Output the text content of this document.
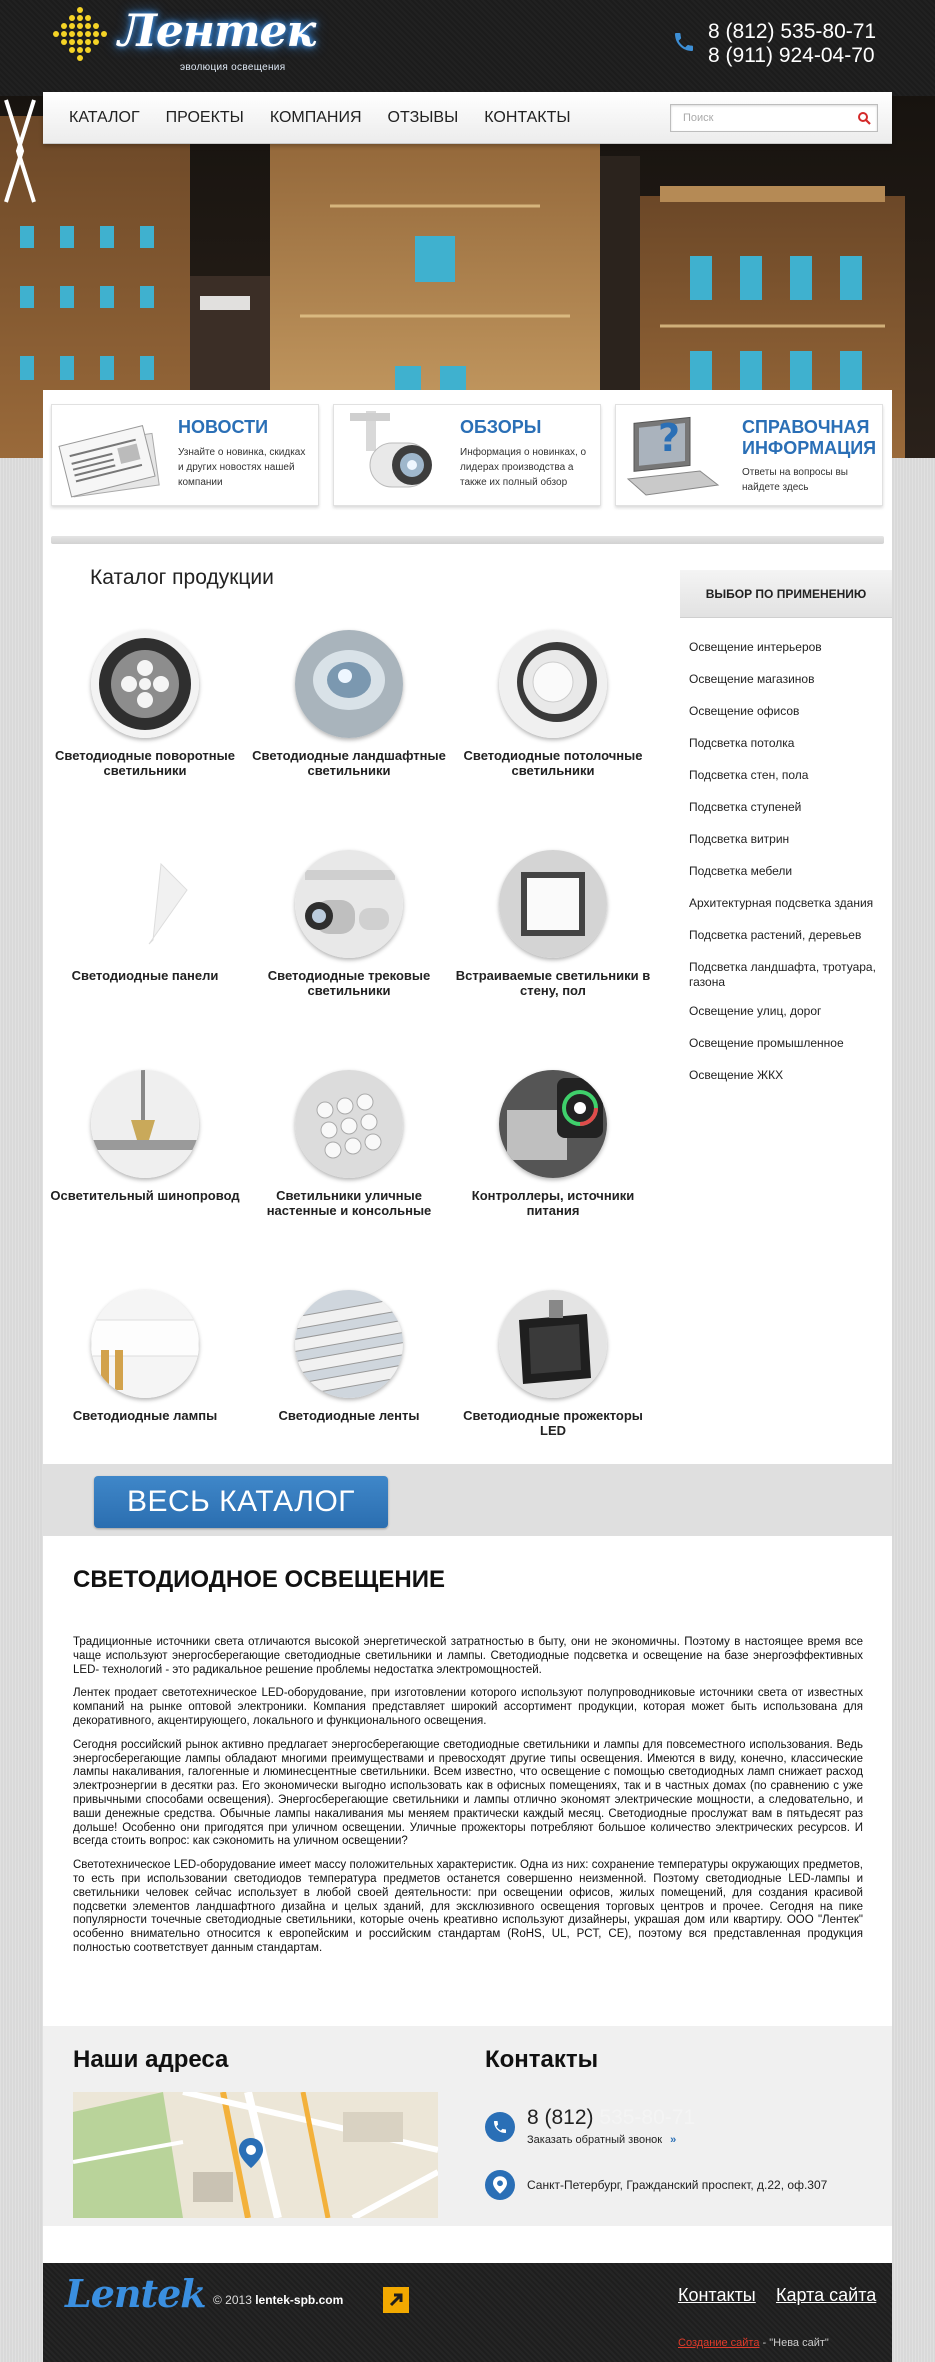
Лентек
эволюция освещения
8 (812) 535-80-71
8 (911) 924-04-70
КАТАЛОГ	ПРОЕКТЫ	КОМПАНИЯ	ОТЗЫВЫ	КОНТАКТЫ
Поиск
НОВОСТИ
Узнайте о новинка, скидках и других новостях нашей компании
ОБЗОРЫ
Информация о новинках, о лидерах производства а также их полный обзор
?	СПРАВОЧНАЯ ИНФОРМАЦИЯ
Ответы на вопросы вы найдете здесь
Каталог продукции
Светодиодные поворотные светильники
Светодиодные ландшафтные светильники
Светодиодные потолочные светильники
Светодиодные панели	Светодиодные трековые светильники
Встраиваемые светильники в стену, пол
Осветительный шинопровод	Светильники уличные настенные и консольные
Контроллеры, источники питания
Светодиодные лампы	Светодиодные ленты	Светодиодные прожекторы LED
ВЫБОР ПО ПРИМЕНЕНИЮ
Освещение интерьеров
Освещение магазинов
Освещение офисов
Подсветка потолка
Подсветка стен, пола
Подсветка ступеней
Подсветка витрин
Подсветка мебели
Архитектурная подсветка здания
Подсветка растений, деревьев
Подсветка ландшафта, тротуара, газона
Освещение улиц, дорог
Освещение промышленное
Освещение ЖКХ
ВЕСЬ КАТАЛОГ
СВЕТОДИОДНОЕ ОСВЕЩЕНИЕ

Традиционные источники света отличаются высокой энергетической затратностью в быту, они не экономичны. Поэтому в настоящее время все чаще используют энергосберегающие светодиодные светильники и лампы. Светодиодные подсветка и освещение на базе энергоэффективных LED- технологий - это радикальное решение проблемы недостатка электромощностей.

Лентек продает светотехническое LED-оборудование, при изготовлении которого используют полупроводниковые источники света от известных компаний на рынке оптовой электроники. Компания представляет широкий ассортимент продукции, которая может быть использована для декоративного, акцентирующего, локального и функционального освещения.

Сегодня российский рынок активно предлагает энергосберегающие светодиодные светильники и лампы для повсеместного использования. Ведь энергосберегающие лампы обладают многими преимуществами и превосходят другие типы освещения. Имеются в виду, конечно, классические лампы накаливания, галогенные и люминесцентные светильники. Всем известно, что освещение с помощью светодиодных ламп снижает расход электроэнергии в десятки раз. Его экономически выгодно использовать как в офисных помещениях, так и в частных домах (по сравнению с уже привычными способами освещения). Энергосберегающие светильники и лампы отлично экономят электрические мощности, а следовательно, и ваши денежные средства. Обычные лампы накаливания мы меняем практически каждый месяц. Светодиодные прослужат вам в пятьдесят раз дольше! Особенно они пригодятся при уличном освещении. Уличные прожекторы потребляют большое количество электрических ресурсов. И всегда стоить вопрос: как сэкономить на уличном освещении?

Светотехническое LED-оборудование имеет массу положительных характеристик. Одна из них: сохранение температуры окружающих предметов, то есть при использовании светодиодов температура предметов останется совершенно неизменной. Поэтому светодиодные LED-лампы и светильники человек сейчас использует в любой своей деятельности: при освещении офисов, жилых помещений, для создания красивой подсветки элементов ландшафтного дизайна и целых зданий, для эксклюзивного освещения торговых центров и прочее. Сегодня на пике популярности точечные светодиодные светильники, которые очень креативно используют дизайнеры, украшая дом или квартиру. ООО "Лентек" особенно внимательно относится к европейским и российским стандартам (RoHS, UL, PCT, CE), поэтому вся представленная продукция полностью соответствует данным стандартам.

Наши адреса	Контакты
8 (812) 535-80-71
Заказать обратный звонок »
Санкт-Петербург, Гражданский проспект, д.22, оф.307
Lentek © 2013 lentek-spb.com	Контакты Карта сайта
Создание сайта - "Нева сайт"
